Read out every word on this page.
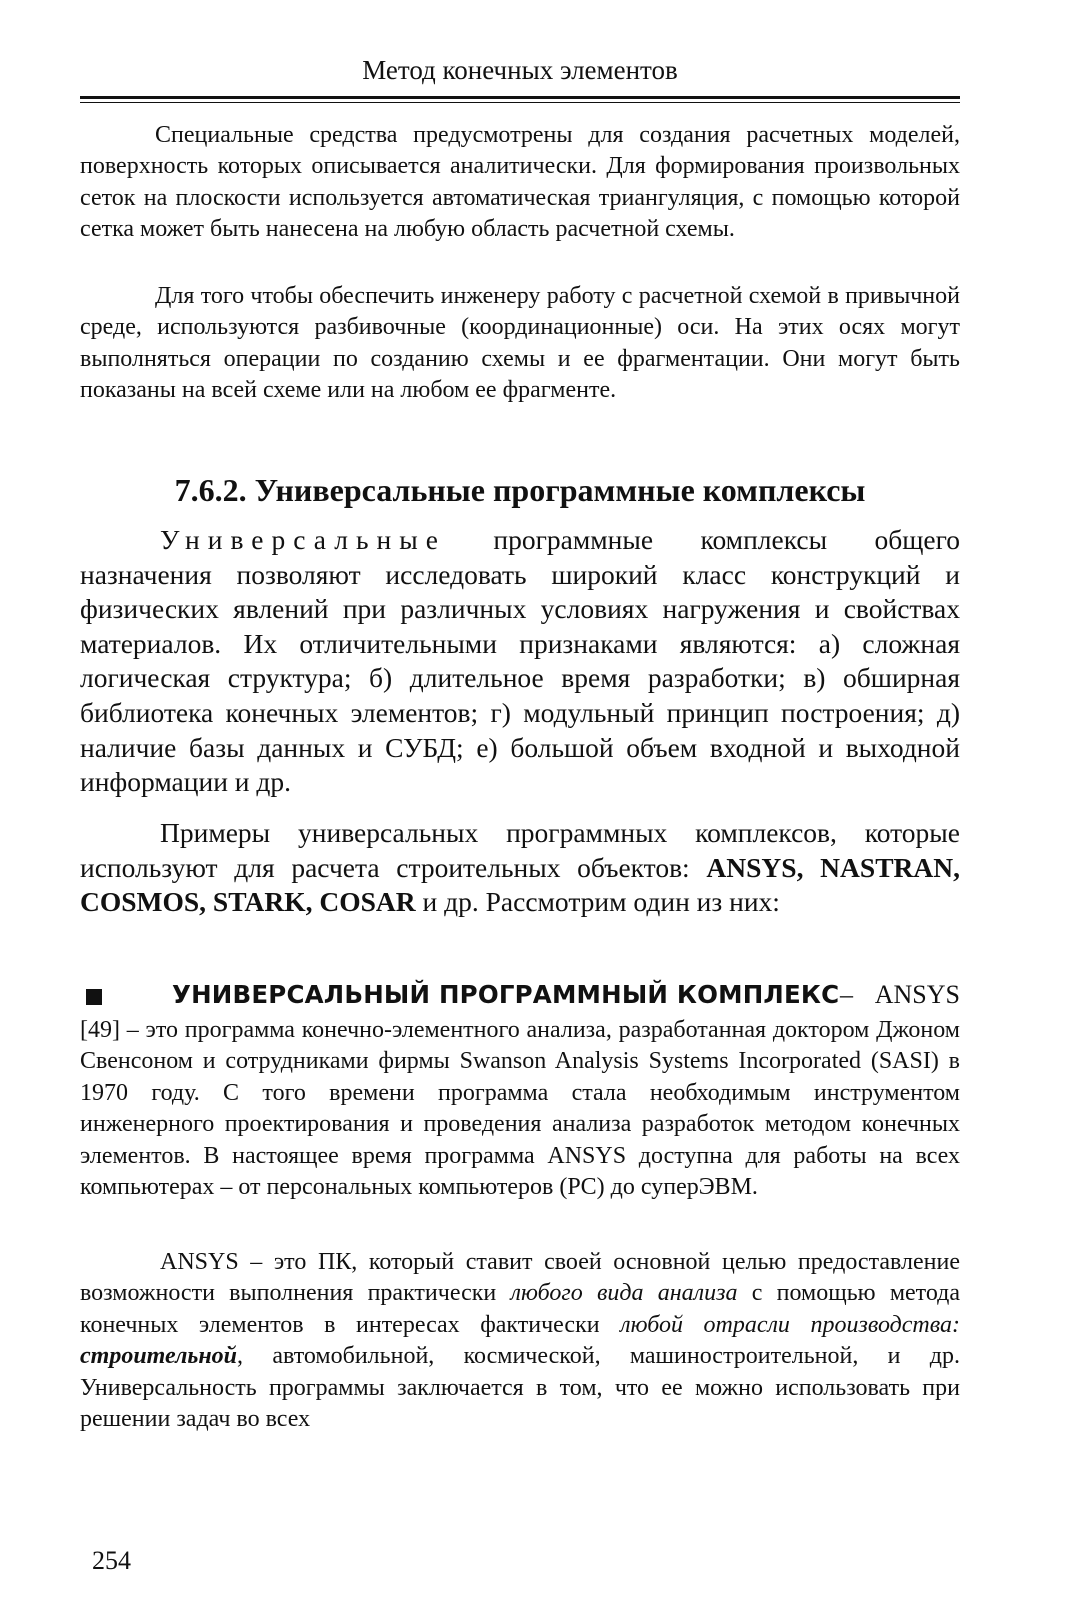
Метод конечных элементов

Специальные средства предусмотрены для создания расчетных моделей, поверхность которых описывается аналитически. Для формирования произвольных сеток на плоскости используется автоматическая триангуляция, с помощью которой сетка может быть нанесена на любую область расчетной схемы.

Для того чтобы обеспечить инженеру работу с расчетной схемой в привычной среде, используются разбивочные (координационные) оси. На этих осях могут выполняться операции по созданию схемы и ее фрагментации. Они могут быть показаны на всей схеме или на любом ее фрагменте.

7.6.2. Универсальные программные комплексы

Универсальные программные комплексы общего назначения позволяют исследовать широкий класс конструкций и физических явлений при различных условиях нагружения и свойствах материалов. Их отличительными признаками являются: а) сложная логическая структура; б) длительное время разработки; в) обширная библиотека конечных элементов; г) модульный принцип построения; д) наличие базы данных и СУБД; е) большой объем входной и выходной информации и др.

Примеры универсальных программных комплексов, которые используют для расчета строительных объектов: ANSYS, NASTRAN, COSMOS, STARK, COSAR и др. Рассмотрим один из них:

УНИВЕРСАЛЬНЫЙ ПРОГРАММНЫЙ КОМПЛЕКС – ANSYS

[49] – это программа конечно-элементного анализа, разработанная доктором Джоном Свенсоном и сотрудниками фирмы Swanson Analysis Systems Incorporated (SASI) в 1970 году. С того времени программа стала необходимым инструментом инженерного проектирования и проведения анализа разработок методом конечных элементов. В настоящее время программа ANSYS доступна для работы на всех компьютерах – от персональных компьютеров (PC) до суперЭВМ.

ANSYS – это ПК, который ставит своей основной целью предоставление возможности выполнения практически любого вида анализа с помощью метода конечных элементов в интересах фактически любой отрасли производства: строительной, автомобильной, космической, машиностроительной, и др. Универсальность программы заключается в том, что ее можно использовать при решении задач во всех

254
